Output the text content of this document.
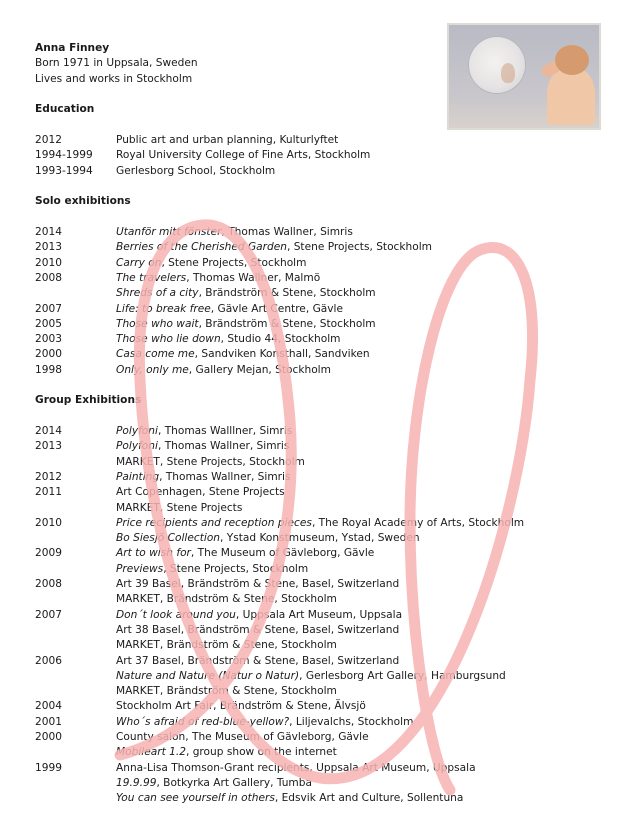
Anna Finney
Born 1971 in Uppsala, Sweden
Lives and works in Stockholm
Education
2012	Public art and urban planning, Kulturlyftet
1994-1999 Royal University College of Fine Arts, Stockholm
1993-1994 Gerlesborg School, Stockholm
Solo exhibitions
2014	Utanför mitt fönster, Thomas Wallner, Simris
2013	Berries of the Cherished Garden, Stene Projects, Stockholm
2010	Carry on, Stene Projects, Stockholm
2008	The travelers, Thomas Wallner, Malmö
Shreds of a city, Brändström & Stene, Stockholm
2007	Life: to break free, Gävle Art Centre, Gävle
2005	Those who wait, Brändström & Stene, Stockholm
2003	Those who lie down, Studio 44, Stockholm
2000	Casa come me, Sandviken Konsthall, Sandviken
1998	Only, only me, Gallery Mejan, Stockholm
Group Exhibitions
2014	Polyfoni, Thomas Walllner, Simris
2013	Polyfoni, Thomas Wallner, Simris
MARKET, Stene Projects, Stockholm
2012	Painting, Thomas Wallner, Simris
2011	Art Copenhagen, Stene Projects
MARKET, Stene Projects
2010	Price recipients and reception pieces, The Royal Academy of Arts, Stockholm
Bo Siesjö Collection, Ystad Konstmuseum, Ystad, Sweden
2009	Art to wish for, The Museum of Gävleborg, Gävle
Previews, Stene Projects, Stockholm
2008	Art 39 Basel, Brändström & Stene, Basel, Switzerland
MARKET, Brändström & Stene, Stockholm
2007	Don´t look around you, Uppsala Art Museum, Uppsala
Art 38 Basel, Brändström & Stene, Basel, Switzerland
MARKET, Brändström & Stene, Stockholm
2006	Art 37 Basel, Brändström & Stene, Basel, Switzerland
Nature and Nature (Natur o Natur), Gerlesborg Art Gallery, Hamburgsund
MARKET, Brändström & Stene, Stockholm
2004	Stockholm Art Fair, Brändström & Stene, Älvsjö
2001	Who´s afraid of red-blue-yellow?, Liljevalchs, Stockholm
2000	County salon, The Museum of Gävleborg, Gävle
Mobileart 1.2, group show on the internet
1999	Anna-Lisa Thomson-Grant recipients, Uppsala Art Museum, Uppsala
19.9.99, Botkyrka Art Gallery, Tumba
You can see yourself in others, Edsvik Art and Culture, Sollentuna
